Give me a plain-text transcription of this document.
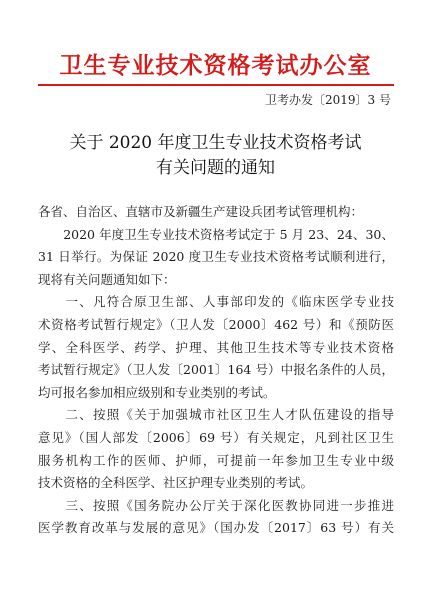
卫生专业技术资格考试办公室
卫考办发〔2019〕3 号
关于 2020 年度卫生专业技术资格考试
有关问题的通知

各省、自治区、直辖市及新疆生产建设兵团考试管理机构：

　　2020 年度卫生专业技术资格考试定于 5 月 23、24、30、

31 日举行。为保证 2020 度卫生专业技术资格考试顺利进行，

现将有关问题通知如下：

　　一、凡符合原卫生部、人事部印发的《临床医学专业技

术资格考试暂行规定》（卫人发〔2000〕462 号）和《预防医

学、全科医学、药学、护理、其他卫生技术等专业技术资格

考试暂行规定》（卫人发〔2001〕164 号）中报名条件的人员，

均可报名参加相应级别和专业类别的考试。

　　二、按照《关于加强城市社区卫生人才队伍建设的指导

意见》（国人部发〔2006〕69 号）有关规定，凡到社区卫生

服务机构工作的医师、护师，可提前一年参加卫生专业中级

技术资格的全科医学、社区护理专业类别的考试。

　　三、按照《国务院办公厅关于深化医教协同进一步推进

医学教育改革与发展的意见》（国办发〔2017〕63 号）有关
